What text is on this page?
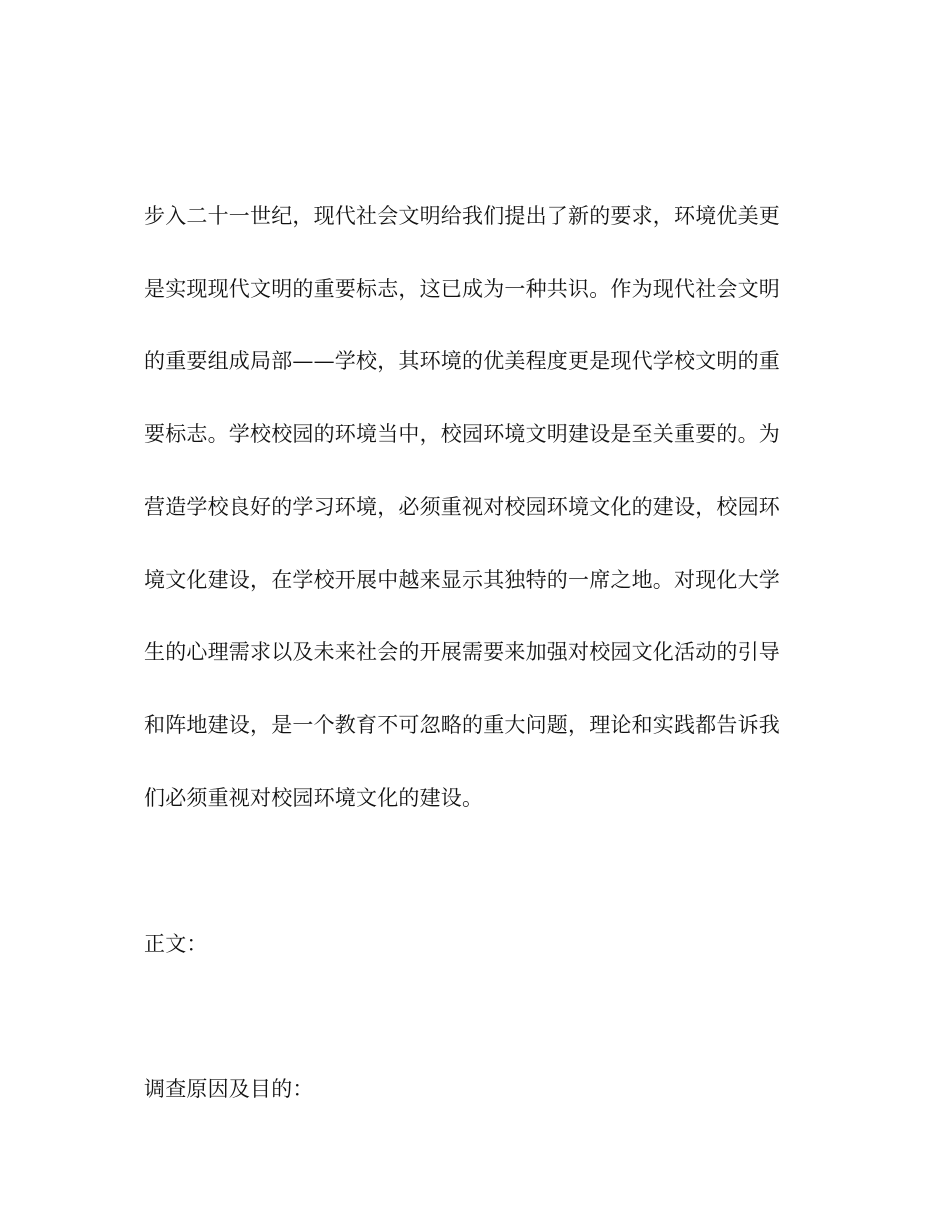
步入二十一世纪，现代社会文明给我们提出了新的要求，环境优美更
是实现现代文明的重要标志，这已成为一种共识。作为现代社会文明
的重要组成局部——学校，其环境的优美程度更是现代学校文明的重
要标志。学校校园的环境当中，校园环境文明建设是至关重要的。为
营造学校良好的学习环境，必须重视对校园环境文化的建设，校园环
境文化建设，在学校开展中越来显示其独特的一席之地。对现化大学
生的心理需求以及未来社会的开展需要来加强对校园文化活动的引导
和阵地建设，是一个教育不可忽略的重大问题，理论和实践都告诉我
们必须重视对校园环境文化的建设。
正文：
调查原因及目的：
